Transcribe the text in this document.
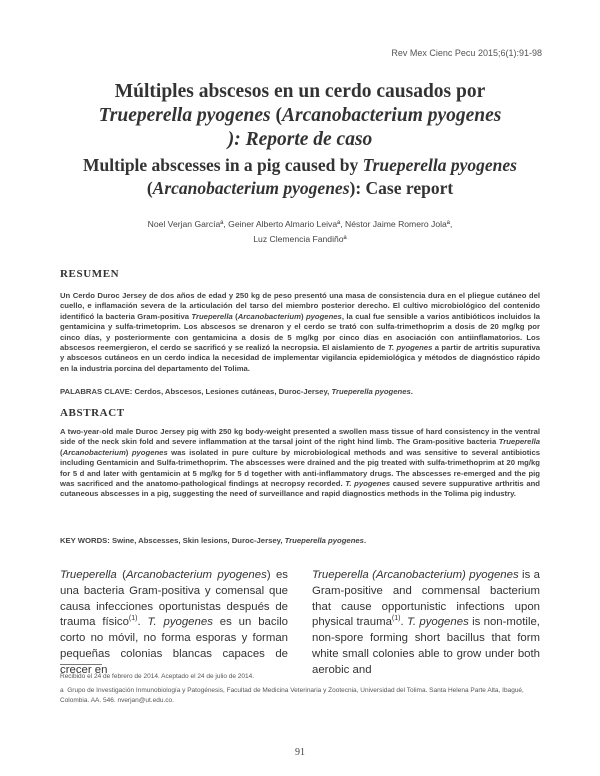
Rev Mex Cienc Pecu 2015;6(1):91-98
Múltiples abscesos en un cerdo causados por
Trueperella pyogenes (Arcanobacterium pyogenes
): Reporte de caso
Multiple abscesses in a pig caused by Trueperella pyogenes (Arcanobacterium pyogenes): Case report
Noel Verjan Garcíaª, Geiner Alberto Almario Leivaª, Néstor Jaime Romero Jolaª,
Luz Clemencia Fandiñoª
RESUMEN
Un Cerdo Duroc Jersey de dos años de edad y 250 kg de peso presentó una masa de consistencia dura en el pliegue cutáneo del cuello, e inflamación severa de la articulación del tarso del miembro posterior derecho. El cultivo microbiológico del contenido identificó la bacteria Gram-positiva Trueperella (Arcanobacterium) pyogenes, la cual fue sensible a varios antibióticos incluidos la gentamicina y sulfa-trimetoprim. Los abscesos se drenaron y el cerdo se trató con sulfa-trimethoprim a dosis de 20 mg/kg por cinco días, y posteriormente con gentamicina a dosis de 5 mg/kg por cinco días en asociación con antiinflamatorios. Los abscesos reemergieron, el cerdo se sacrificó y se realizó la necropsia. El aislamiento de T. pyogenes a partir de artritis supurativa y abscesos cutáneos en un cerdo indica la necesidad de implementar vigilancia epidemiológica y métodos de diagnóstico rápido en la industria porcina del departamento del Tolima.
PALABRAS CLAVE: Cerdos, Abscesos, Lesiones cutáneas, Duroc-Jersey, Trueperella pyogenes.
ABSTRACT
A two-year-old male Duroc Jersey pig with 250 kg body-weight presented a swollen mass tissue of hard consistency in the ventral side of the neck skin fold and severe inflammation at the tarsal joint of the right hind limb. The Gram-positive bacteria Trueperella (Arcanobacterium) pyogenes was isolated in pure culture by microbiological methods and was sensitive to several antibiotics including Gentamicin and Sulfa-trimethoprim. The abscesses were drained and the pig treated with sulfa-trimethoprim at 20 mg/kg for 5 d and later with gentamicin at 5 mg/kg for 5 d together with anti-inflammatory drugs. The abscesses re-emerged and the pig was sacrificed and the anatomo-pathological findings at necropsy recorded. T. pyogenes caused severe suppurative arthritis and cutaneous abscesses in a pig, suggesting the need of surveillance and rapid diagnostics methods in the Tolima pig industry.
KEY WORDS: Swine, Abscesses, Skin lesions, Duroc-Jersey, Trueperella pyogenes.
Trueperella (Arcanobacterium pyogenes) es una bacteria Gram-positiva y comensal que causa infecciones oportunistas después de trauma físico$^{(1)}$. T. pyogenes es un bacilo corto no móvil, no forma esporas y forman pequeñas colonias blancas capaces de crecer en
Trueperella (Arcanobacterium) pyogenes is a Gram-positive and commensal bacterium that cause opportunistic infections upon physical trauma$^{(1)}$. T. pyogenes is non-motile, non-spore forming short bacillus that form white small colonies able to grow under both aerobic and
Recibido el 24 de febrero de 2014. Aceptado el 24 de julio de 2014.
a Grupo de Investigación Inmunobiología y Patogénesis, Facultad de Medicina Veterinaria y Zootecnia, Universidad del Tolima. Santa Helena Parte Alta, Ibagué, Colombia. AA. 546. nverjan@ut.edu.co.
91
